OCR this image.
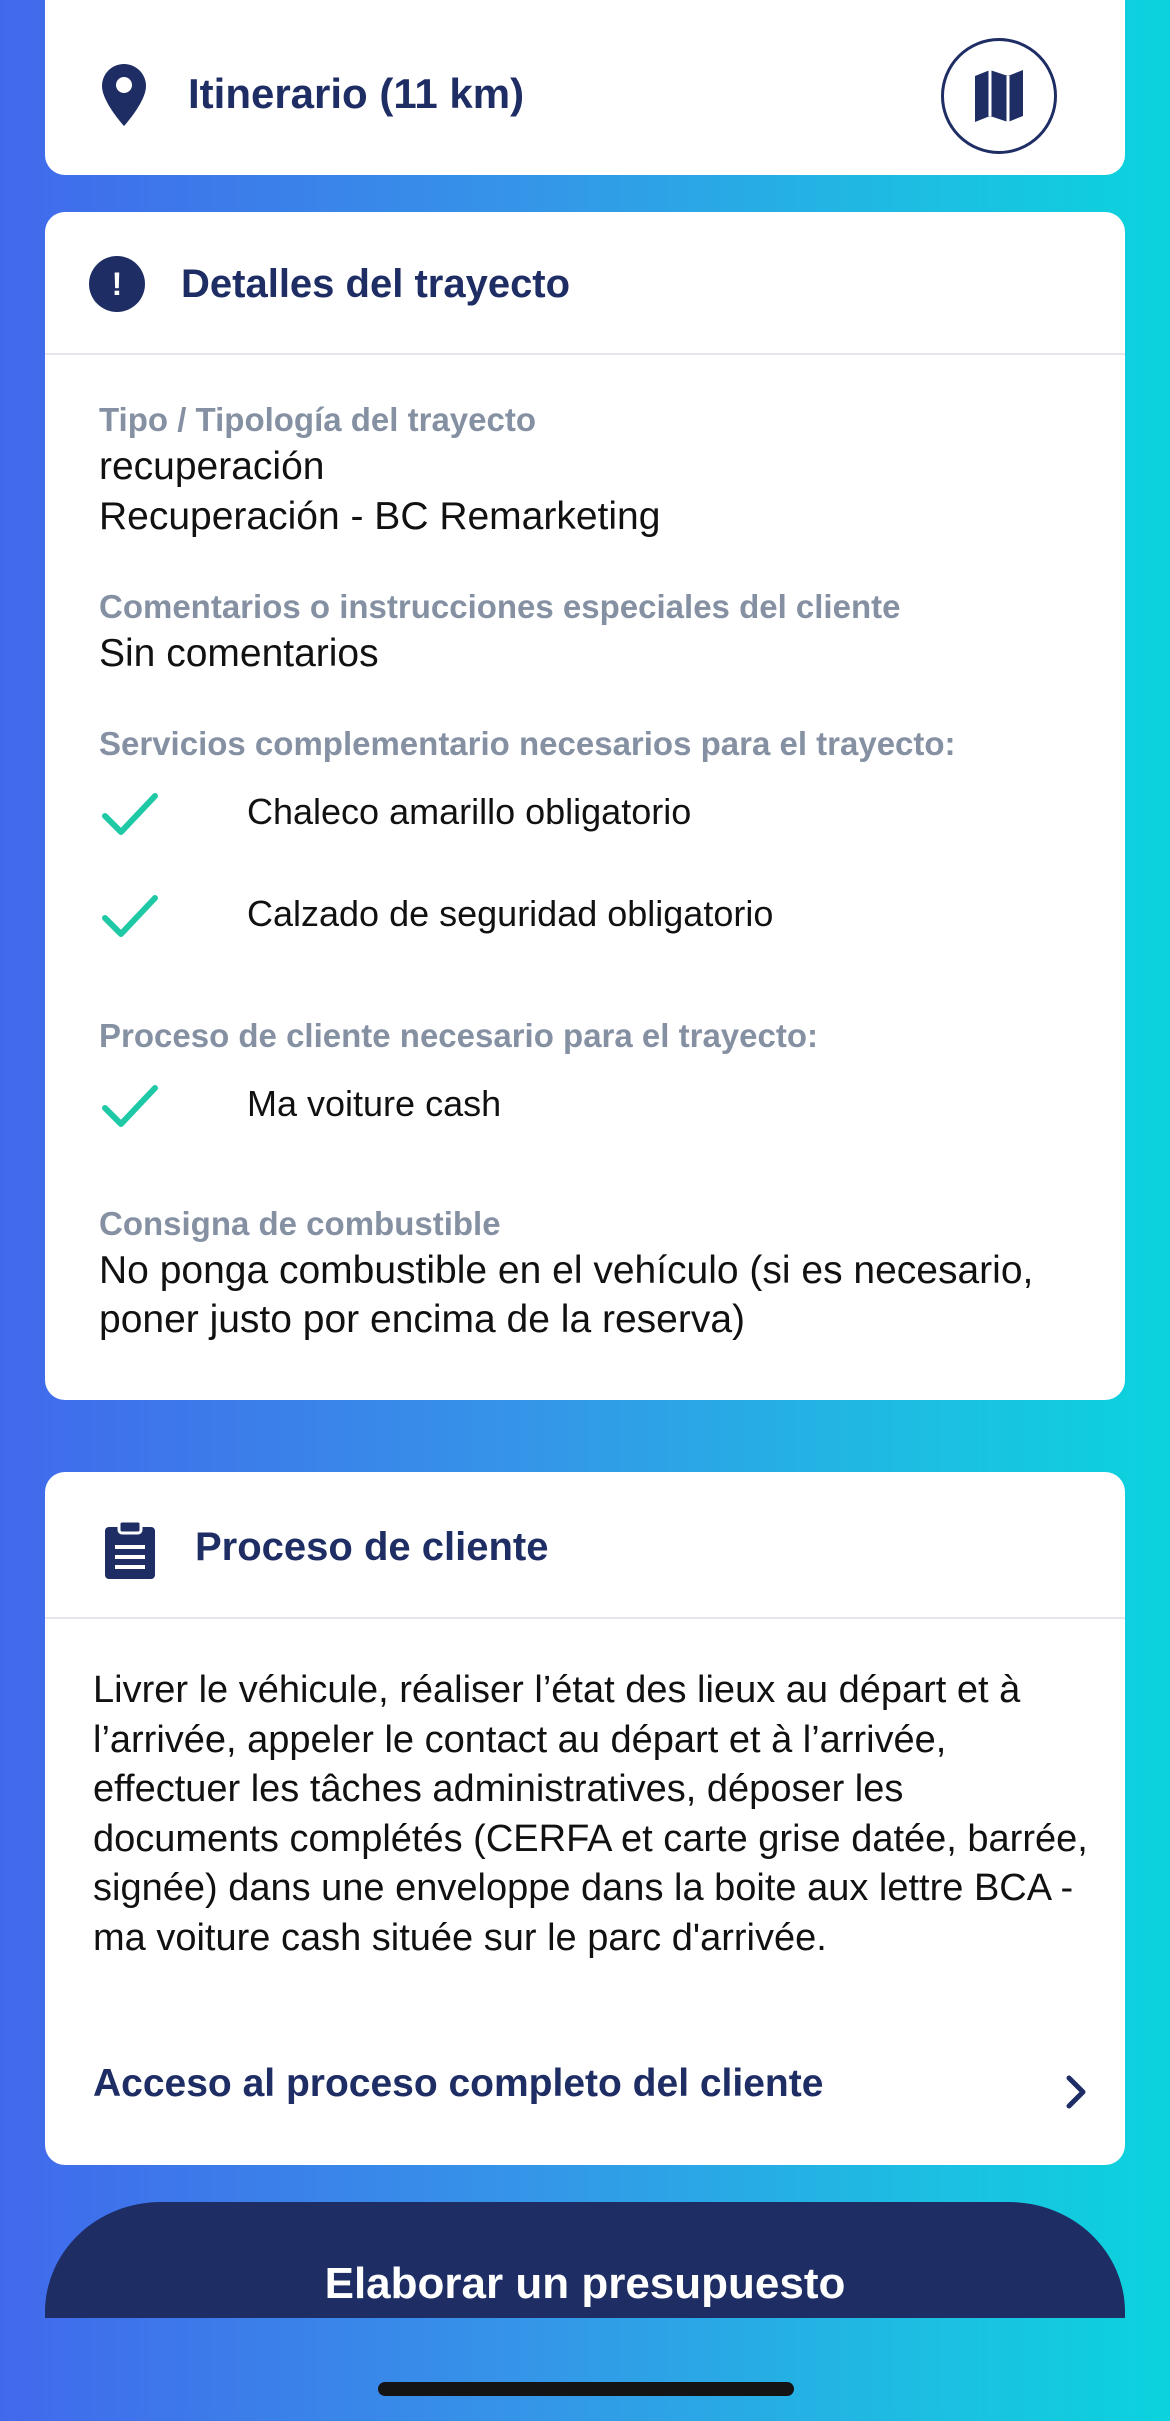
Itinerario (11 km)
!	Detalles del trayecto
Tipo / Tipología del trayecto
recuperación
Recuperación - BC Remarketing
Comentarios o instrucciones especiales del cliente
Sin comentarios
Servicios complementario necesarios para el trayecto:
Chaleco amarillo obligatorio
Calzado de seguridad obligatorio
Proceso de cliente necesario para el trayecto:
Ma voiture cash
Consigna de combustible
No ponga combustible en el vehículo (si es necesario,
poner justo por encima de la reserva)
Proceso de cliente
Livrer le véhicule, réaliser l’état des lieux au départ et à l’arrivée, appeler le contact au départ et à l’arrivée, effectuer les tâches administratives, déposer les documents complétés (CERFA et carte grise datée, barrée, signée) dans une enveloppe dans la boite aux lettre BCA - ma voiture cash située sur le parc d'arrivée.
Acceso al proceso completo del cliente
Elaborar un presupuesto
